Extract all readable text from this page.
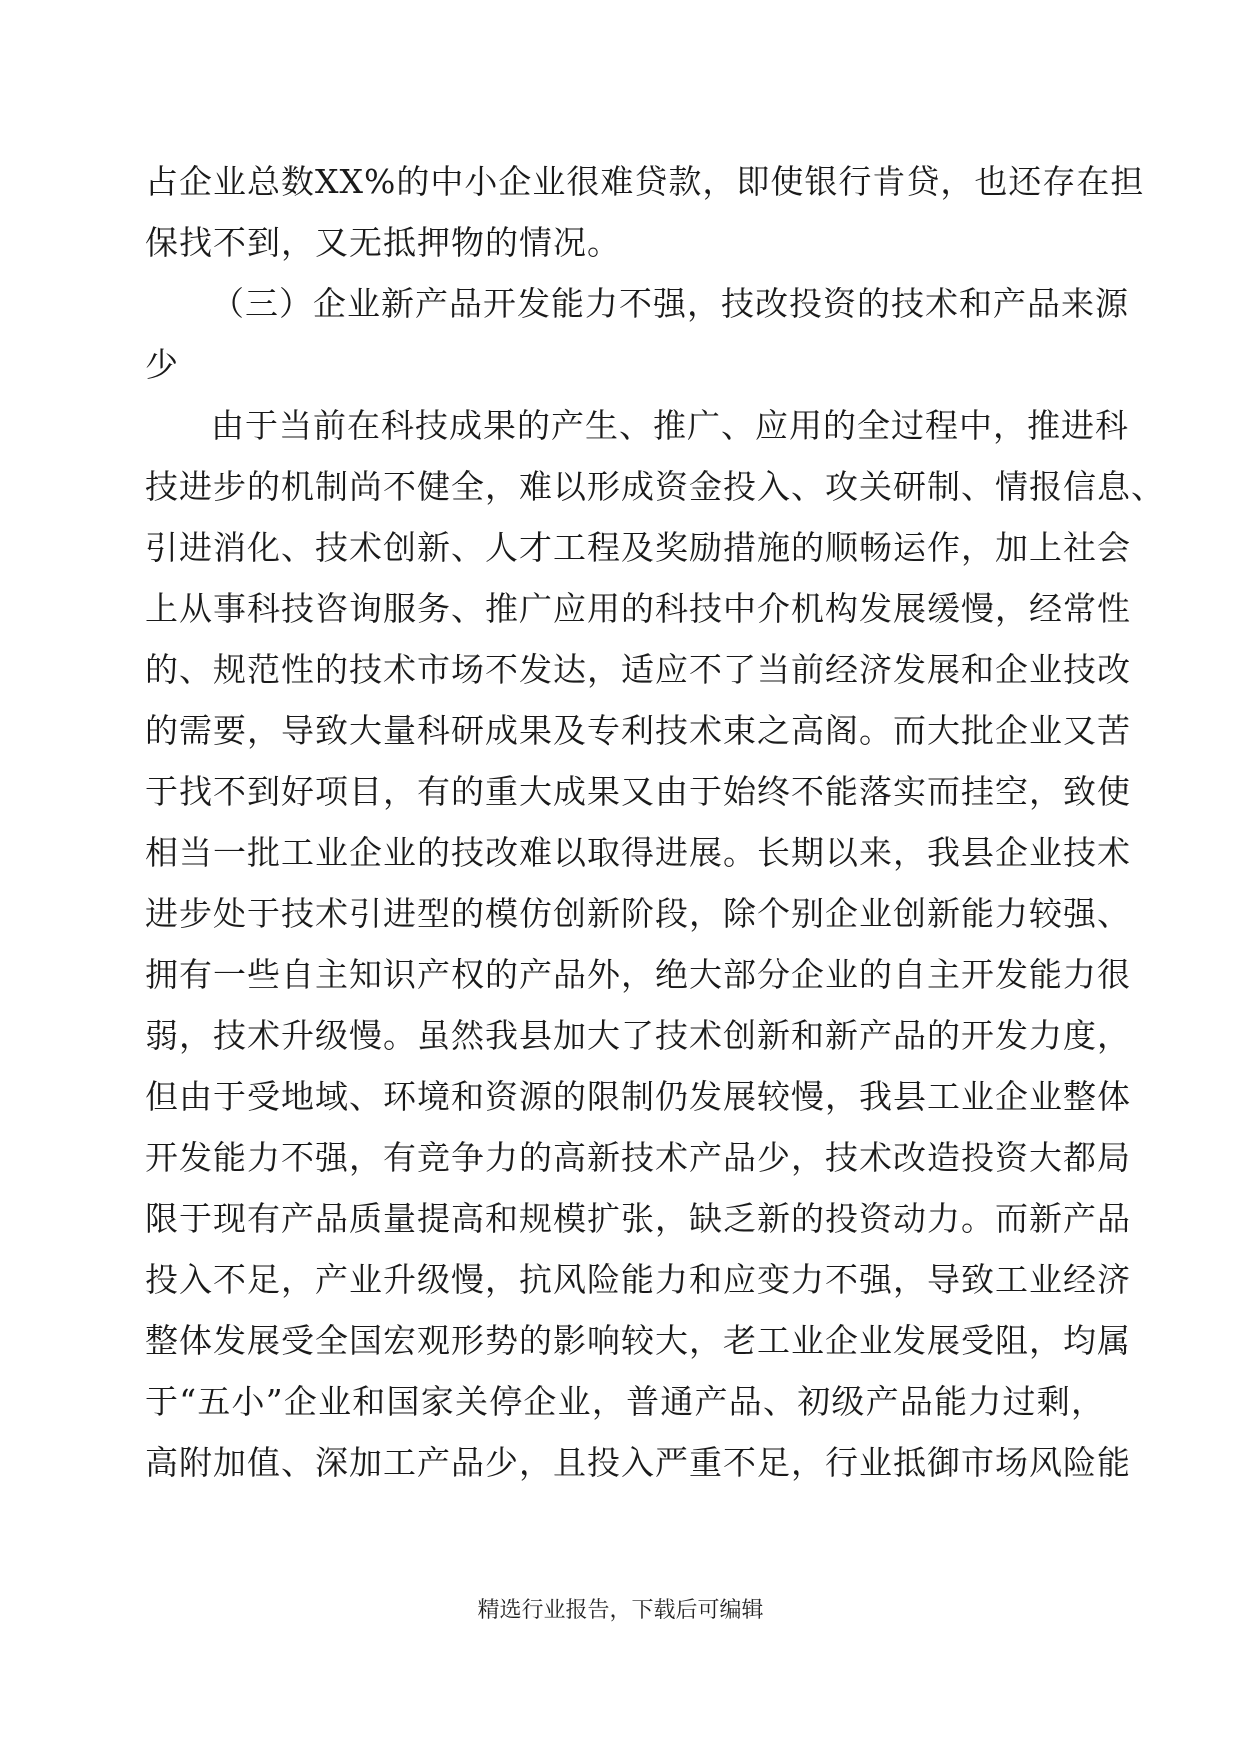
占企业总数XX%的中小企业很难贷款，即使银行肯贷，也还存在担
保找不到，又无抵押物的情况。
（三）企业新产品开发能力不强，技改投资的技术和产品来源
少
由于当前在科技成果的产生、推广、应用的全过程中，推进科
技进步的机制尚不健全，难以形成资金投入、攻关研制、情报信息、
引进消化、技术创新、人才工程及奖励措施的顺畅运作，加上社会
上从事科技咨询服务、推广应用的科技中介机构发展缓慢，经常性
的、规范性的技术市场不发达，适应不了当前经济发展和企业技改
的需要，导致大量科研成果及专利技术束之高阁。而大批企业又苦
于找不到好项目，有的重大成果又由于始终不能落实而挂空，致使
相当一批工业企业的技改难以取得进展。长期以来，我县企业技术
进步处于技术引进型的模仿创新阶段，除个别企业创新能力较强、
拥有一些自主知识产权的产品外，绝大部分企业的自主开发能力很
弱，技术升级慢。虽然我县加大了技术创新和新产品的开发力度，
但由于受地域、环境和资源的限制仍发展较慢，我县工业企业整体
开发能力不强，有竞争力的高新技术产品少，技术改造投资大都局
限于现有产品质量提高和规模扩张，缺乏新的投资动力。而新产品
投入不足，产业升级慢，抗风险能力和应变力不强，导致工业经济
整体发展受全国宏观形势的影响较大，老工业企业发展受阻，均属
于“五小”企业和国家关停企业，普通产品、初级产品能力过剩，
高附加值、深加工产品少，且投入严重不足，行业抵御市场风险能
精选行业报告，下载后可编辑
